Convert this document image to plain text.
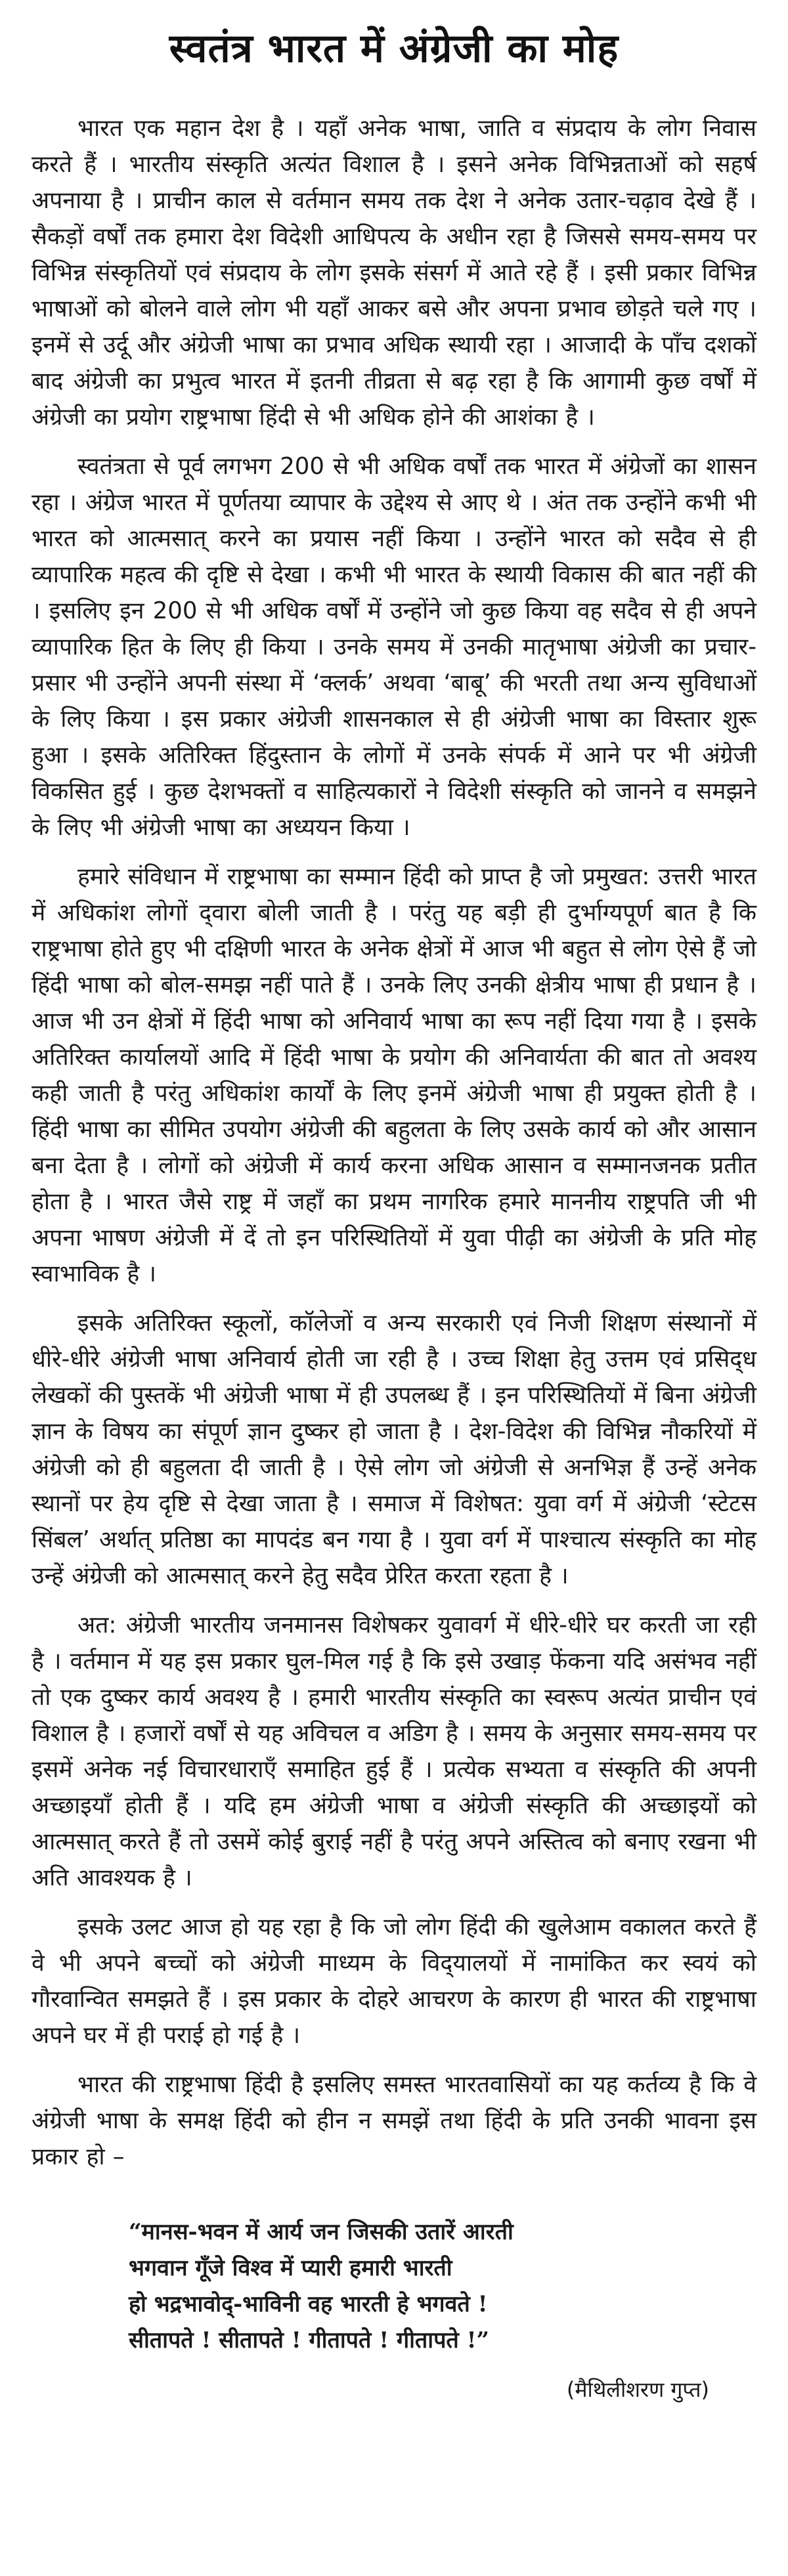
स्वतंत्र भारत में अंग्रेजी का मोह

भारत एक महान देश है । यहाँ अनेक भाषा, जाति व संप्रदाय के लोग निवास करते हैं । भारतीय संस्कृति अत्यंत विशाल है । इसने अनेक विभिन्नताओं को सहर्ष अपनाया है । प्राचीन काल से वर्तमान समय तक देश ने अनेक उतार-चढ़ाव देखे हैं । सैकड़ों वर्षों तक हमारा देश विदेशी आधिपत्य के अधीन रहा है जिससे समय-समय पर विभिन्न संस्कृतियों एवं संप्रदाय के लोग इसके संसर्ग में आते रहे हैं । इसी प्रकार विभिन्न भाषाओं को बोलने वाले लोग भी यहाँ आकर बसे और अपना प्रभाव छोड़ते चले गए । इनमें से उर्दू और अंग्रेजी भाषा का प्रभाव अधिक स्थायी रहा । आजादी के पाँच दशकों बाद अंग्रेजी का प्रभुत्व भारत में इतनी तीव्रता से बढ़ रहा है कि आगामी कुछ वर्षों में अंग्रेजी का प्रयोग राष्ट्रभाषा हिंदी से भी अधिक होने की आशंका है ।

स्वतंत्रता से पूर्व लगभग 200 से भी अधिक वर्षों तक भारत में अंग्रेजों का शासन रहा । अंग्रेज भारत में पूर्णतया व्यापार के उद्देश्य से आए थे । अंत तक उन्होंने कभी भी भारत को आत्मसात् करने का प्रयास नहीं किया । उन्होंने भारत को सदैव से ही व्यापारिक महत्व की दृष्टि से देखा । कभी भी भारत के स्थायी विकास की बात नहीं की । इसलिए इन 200 से भी अधिक वर्षों में उन्होंने जो कुछ किया वह सदैव से ही अपने व्यापारिक हित के लिए ही किया । उनके समय में उनकी मातृभाषा अंग्रेजी का प्रचार-प्रसार भी उन्होंने अपनी संस्था में ‘क्लर्क’ अथवा ‘बाबू’ की भरती तथा अन्य सुविधाओं के लिए किया । इस प्रकार अंग्रेजी शासनकाल से ही अंग्रेजी भाषा का विस्तार शुरू हुआ । इसके अतिरिक्त हिंदुस्तान के लोगों में उनके संपर्क में आने पर भी अंग्रेजी विकसित हुई । कुछ देशभक्तों व साहित्यकारों ने विदेशी संस्कृति को जानने व समझने के लिए भी अंग्रेजी भाषा का अध्ययन किया ।

हमारे संविधान में राष्ट्रभाषा का सम्मान हिंदी को प्राप्त है जो प्रमुखत: उत्तरी भारत में अधिकांश लोगों द्‌वारा बोली जाती है । परंतु यह बड़ी ही दुर्भाग्यपूर्ण बात है कि राष्ट्रभाषा होते हुए भी दक्षिणी भारत के अनेक क्षेत्रों में आज भी बहुत से लोग ऐसे हैं जो हिंदी भाषा को बोल-समझ नहीं पाते हैं । उनके लिए उनकी क्षेत्रीय भाषा ही प्रधान है । आज भी उन क्षेत्रों में हिंदी भाषा को अनिवार्य भाषा का रूप नहीं दिया गया है । इसके अतिरिक्त कार्यालयों आदि में हिंदी भाषा के प्रयोग की अनिवार्यता की बात तो अवश्य कही जाती है परंतु अधिकांश कार्यों के लिए इनमें अंग्रेजी भाषा ही प्रयुक्त होती है । हिंदी भाषा का सीमित उपयोग अंग्रेजी की बहुलता के लिए उसके कार्य को और आसान बना देता है । लोगों को अंग्रेजी में कार्य करना अधिक आसान व सम्मानजनक प्रतीत होता है । भारत जैसे राष्ट्र में जहाँ का प्रथम नागरिक हमारे माननीय राष्ट्रपति जी भी अपना भाषण अंग्रेजी में दें तो इन परिस्थितियों में युवा पीढ़ी का अंग्रेजी के प्रति मोह स्वाभाविक है ।

इसके अतिरिक्त स्कूलों, कॉलेजों व अन्य सरकारी एवं निजी शिक्षण संस्थानों में धीरे-धीरे अंग्रेजी भाषा अनिवार्य होती जा रही है । उच्च शिक्षा हेतु उत्तम एवं प्रसिद्‌ध लेखकों की पुस्तकें भी अंग्रेजी भाषा में ही उपलब्ध हैं । इन परिस्थितियों में बिना अंग्रेजी ज्ञान के विषय का संपूर्ण ज्ञान दुष्कर हो जाता है । देश-विदेश की विभिन्न नौकरियों में अंग्रेजी को ही बहुलता दी जाती है । ऐसे लोग जो अंग्रेजी से अनभिज्ञ हैं उन्हें अनेक स्थानों पर हेय दृष्टि से देखा जाता है । समाज में विशेषत: युवा वर्ग में अंग्रेजी ‘स्टेटस सिंबल’ अर्थात् प्रतिष्ठा का मापदंड बन गया है । युवा वर्ग में पाश्चात्य संस्कृति का मोह उन्हें अंग्रेजी को आत्मसात् करने हेतु सदैव प्रेरित करता रहता है ।

अत: अंग्रेजी भारतीय जनमानस विशेषकर युवावर्ग में धीरे-धीरे घर करती जा रही है । वर्तमान में यह इस प्रकार घुल-मिल गई है कि इसे उखाड़ फेंकना यदि असंभव नहीं तो एक दुष्कर कार्य अवश्य है । हमारी भारतीय संस्कृति का स्वरूप अत्यंत प्राचीन एवं विशाल है । हजारों वर्षों से यह अविचल व अडिग है । समय के अनुसार समय-समय पर इसमें अनेक नई विचारधाराएँ समाहित हुई हैं । प्रत्येक सभ्यता व संस्कृति की अपनी अच्छाइयाँ होती हैं । यदि हम अंग्रेजी भाषा व अंग्रेजी संस्कृति की अच्छाइयों को आत्मसात् करते हैं तो उसमें कोई बुराई नहीं है परंतु अपने अस्तित्व को बनाए रखना भी अति आवश्यक है ।

इसके उलट आज हो यह रहा है कि जो लोग हिंदी की खुलेआम वकालत करते हैं वे भी अपने बच्चों को अंग्रेजी माध्यम के विद्‌यालयों में नामांकित कर स्वयं को गौरवान्वित समझते हैं । इस प्रकार के दोहरे आचरण के कारण ही भारत की राष्ट्रभाषा अपने घर में ही पराई हो गई है ।

भारत की राष्ट्रभाषा हिंदी है इसलिए समस्त भारतवासियों का यह कर्तव्य है कि वे अंग्रेजी भाषा के समक्ष हिंदी को हीन न समझें तथा हिंदी के प्रति उनकी भावना इस प्रकार हो –

“मानस-भवन में आर्य जन जिसकी उतारें आरती
भगवान गूँजे विश्व में प्यारी हमारी भारती
हो भद्रभावोद्-भाविनी वह भारती हे भगवते !
सीतापते ! सीतापते ! गीतापते ! गीतापते !”
(मैथिलीशरण गुप्त)
